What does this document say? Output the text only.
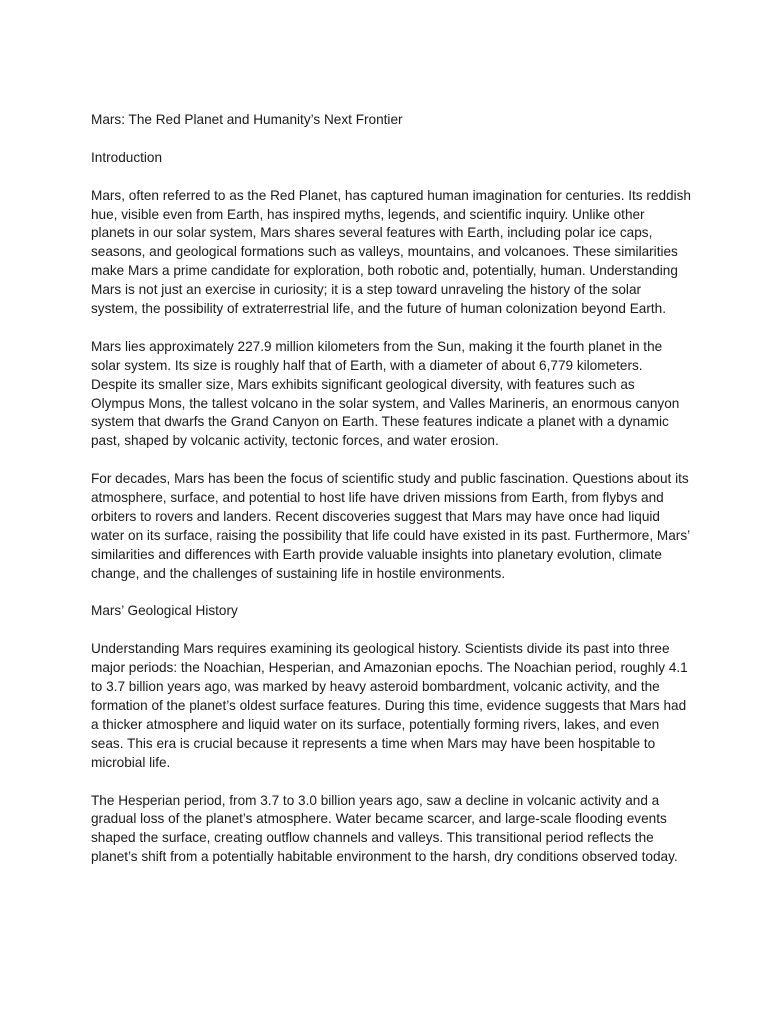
Mars: The Red Planet and Humanity’s Next Frontier

Introduction

Mars, often referred to as the Red Planet, has captured human imagination for centuries. Its reddish hue, visible even from Earth, has inspired myths, legends, and scientific inquiry. Unlike other planets in our solar system, Mars shares several features with Earth, including polar ice caps, seasons, and geological formations such as valleys, mountains, and volcanoes. These similarities make Mars a prime candidate for exploration, both robotic and, potentially, human. Understanding Mars is not just an exercise in curiosity; it is a step toward unraveling the history of the solar system, the possibility of extraterrestrial life, and the future of human colonization beyond Earth.

Mars lies approximately 227.9 million kilometers from the Sun, making it the fourth planet in the solar system. Its size is roughly half that of Earth, with a diameter of about 6,779 kilometers. Despite its smaller size, Mars exhibits significant geological diversity, with features such as Olympus Mons, the tallest volcano in the solar system, and Valles Marineris, an enormous canyon system that dwarfs the Grand Canyon on Earth. These features indicate a planet with a dynamic past, shaped by volcanic activity, tectonic forces, and water erosion.

For decades, Mars has been the focus of scientific study and public fascination. Questions about its atmosphere, surface, and potential to host life have driven missions from Earth, from flybys and orbiters to rovers and landers. Recent discoveries suggest that Mars may have once had liquid water on its surface, raising the possibility that life could have existed in its past. Furthermore, Mars’ similarities and differences with Earth provide valuable insights into planetary evolution, climate change, and the challenges of sustaining life in hostile environments.

Mars’ Geological History

Understanding Mars requires examining its geological history. Scientists divide its past into three major periods: the Noachian, Hesperian, and Amazonian epochs. The Noachian period, roughly 4.1 to 3.7 billion years ago, was marked by heavy asteroid bombardment, volcanic activity, and the formation of the planet’s oldest surface features. During this time, evidence suggests that Mars had a thicker atmosphere and liquid water on its surface, potentially forming rivers, lakes, and even seas. This era is crucial because it represents a time when Mars may have been hospitable to microbial life.

The Hesperian period, from 3.7 to 3.0 billion years ago, saw a decline in volcanic activity and a gradual loss of the planet’s atmosphere. Water became scarcer, and large-scale flooding events shaped the surface, creating outflow channels and valleys. This transitional period reflects the planet’s shift from a potentially habitable environment to the harsh, dry conditions observed today.
